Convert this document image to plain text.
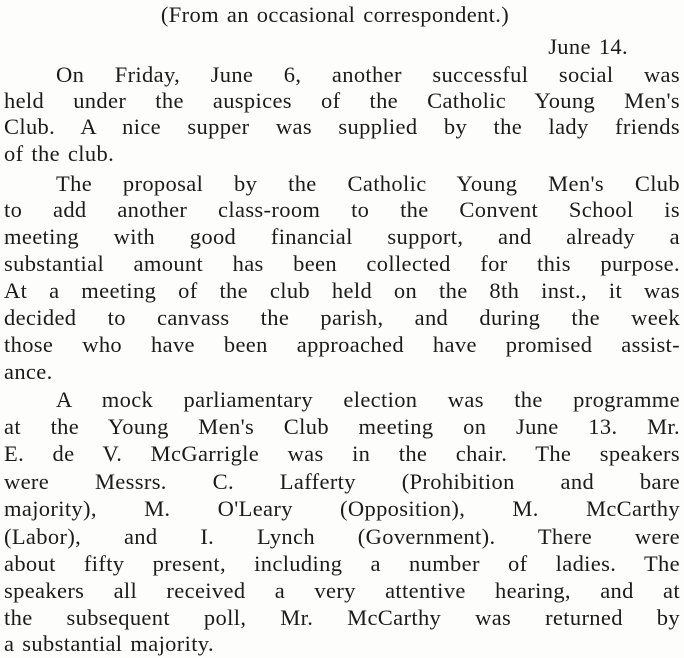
(From an occasional correspondent.)
June 14.
On Friday, June 6, another successful social was
held under the auspices of the Catholic Young Men's
Club. A nice supper was supplied by the lady friends
of the club.
The proposal by the Catholic Young Men's Club
to add another class-room to the Convent School is
meeting with good financial support, and already a
substantial amount has been collected for this purpose.
At a meeting of the club held on the 8th inst., it was
decided to canvass the parish, and during the week
those who have been approached have promised assist-
ance.
A mock parliamentary election was the programme
at the Young Men's Club meeting on June 13. Mr.
E. de V. McGarrigle was in the chair. The speakers
were Messrs. C. Lafferty (Prohibition and bare
majority), M. O'Leary (Opposition), M. McCarthy
(Labor), and I. Lynch (Government). There were
about fifty present, including a number of ladies. The
speakers all received a very attentive hearing, and at
the subsequent poll, Mr. McCarthy was returned by
a substantial majority.
